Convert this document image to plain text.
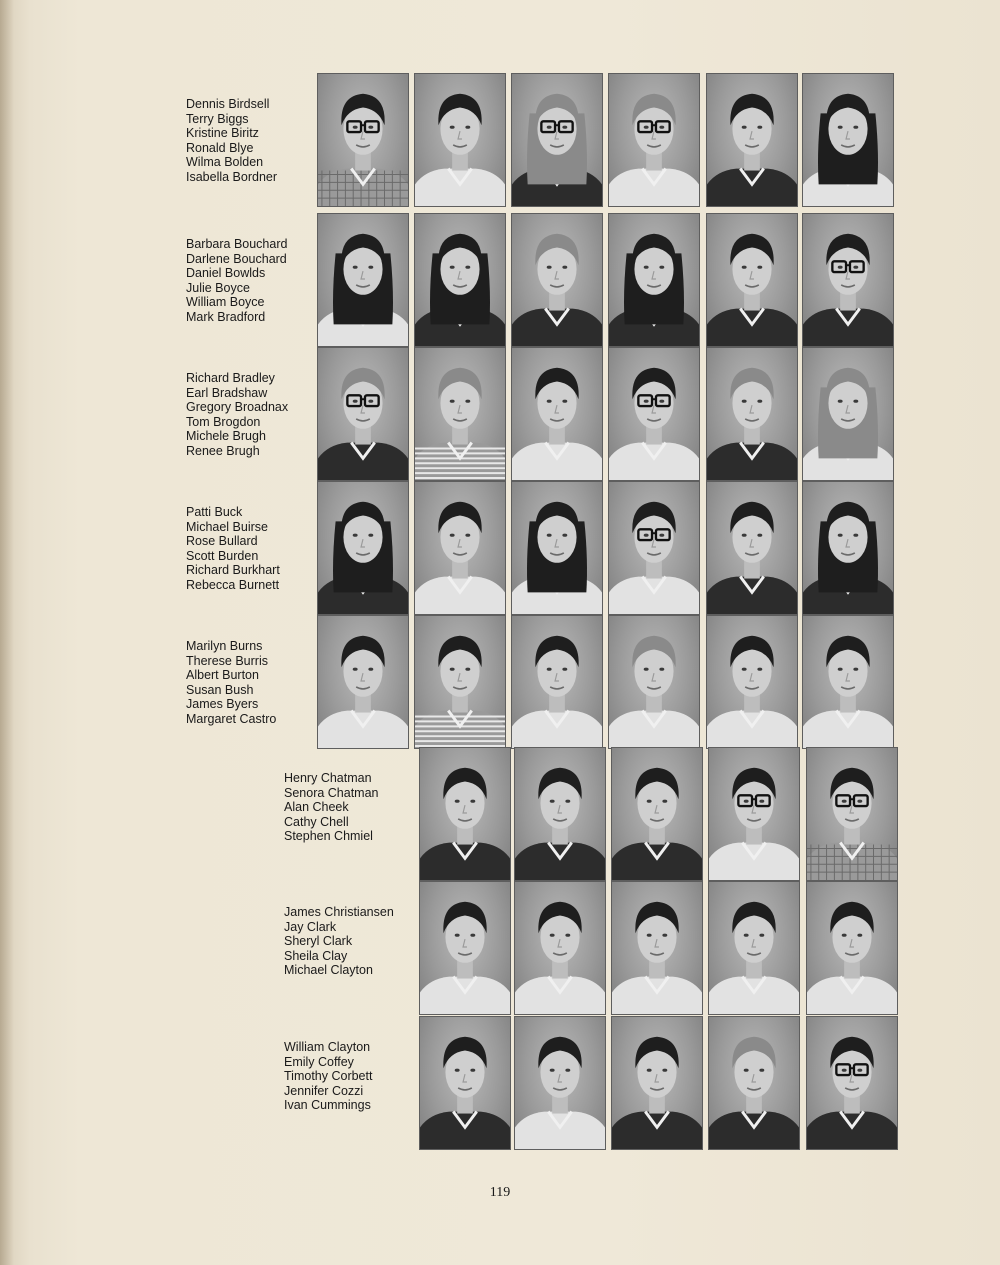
Dennis Birdsell
Terry Biggs
Kristine Biritz
Ronald Blye
Wilma Bolden
Isabella Bordner
Barbara Bouchard
Darlene Bouchard
Daniel Bowlds
Julie Boyce
William Boyce
Mark Bradford
Richard Bradley
Earl Bradshaw
Gregory Broadnax
Tom Brogdon
Michele Brugh
Renee Brugh
Patti Buck
Michael Buirse
Rose Bullard
Scott Burden
Richard Burkhart
Rebecca Burnett
Marilyn Burns
Therese Burris
Albert Burton
Susan Bush
James Byers
Margaret Castro
Henry Chatman
Senora Chatman
Alan Cheek
Cathy Chell
Stephen Chmiel
James Christiansen
Jay Clark
Sheryl Clark
Sheila Clay
Michael Clayton
William Clayton
Emily Coffey
Timothy Corbett
Jennifer Cozzi
Ivan Cummings
119
